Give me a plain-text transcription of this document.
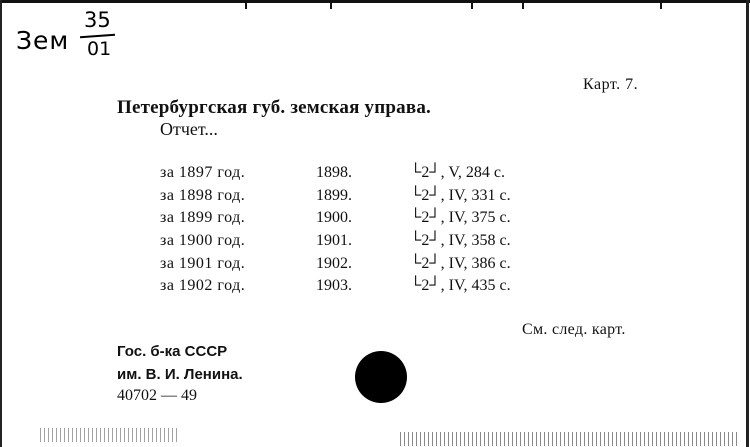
Зем
35
01
Карт. 7.
Петербургская губ. земская управа.
Отчет...
за 1897 год.	1898.	└2┘, V, 284 с.
за 1898 год.	1899.	└2┘, IV, 331 с.
за 1899 год.	1900.	└2┘, IV, 375 с.
за 1900 год.	1901.	└2┘, IV, 358 с.
за 1901 год.	1902.	└2┘, IV, 386 с.
за 1902 год.	1903.	└2┘, IV, 435 с.
См. след. карт.
Гос. б-ка СССР
им. В. И. Ленина.
40702 — 49
